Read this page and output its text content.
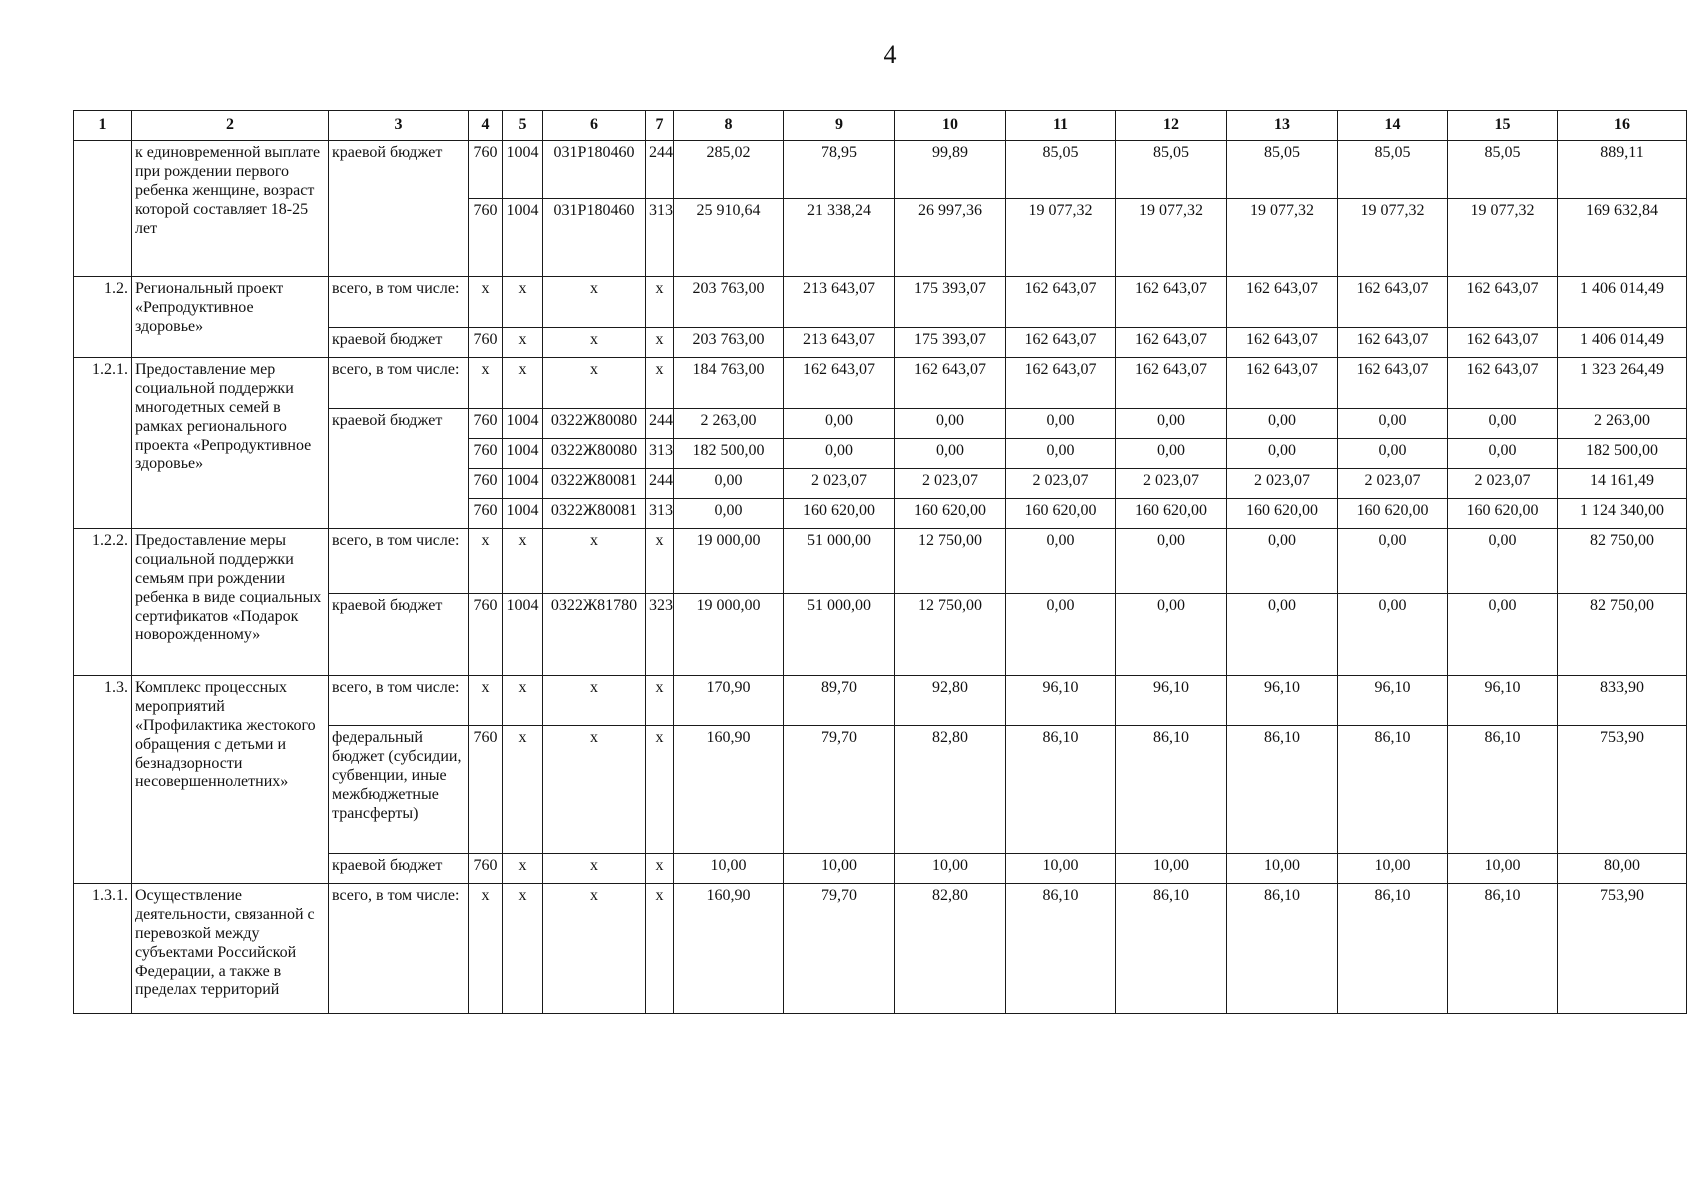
4
1	2	3	4	5	6	7	8	9	10	11	12	13	14	15	16
	к единовременной выплате при рождении первого ребенка женщине, возраст которой составляет 18-25 лет	краевой бюджет	760	1004	031Р180460	244	285,02	78,95	99,89	85,05	85,05	85,05	85,05	85,05	889,11
			760	1004	031Р180460	313	25 910,64	21 338,24	26 997,36	19 077,32	19 077,32	19 077,32	19 077,32	19 077,32	169 632,84
1.2.	Региональный проект «Репродуктивное здоровье»	всего, в том числе:	х	х	х	х	203 763,00	213 643,07	175 393,07	162 643,07	162 643,07	162 643,07	162 643,07	162 643,07	1 406 014,49
		краевой бюджет	760	х	х	х	203 763,00	213 643,07	175 393,07	162 643,07	162 643,07	162 643,07	162 643,07	162 643,07	1 406 014,49
1.2.1.	Предоставление мер социальной поддержки многодетных семей в рамках регионального проекта «Репродуктивное здоровье»	всего, в том числе:	х	х	х	х	184 763,00	162 643,07	162 643,07	162 643,07	162 643,07	162 643,07	162 643,07	162 643,07	1 323 264,49
		краевой бюджет	760	1004	0322Ж80080	244	2 263,00	0,00	0,00	0,00	0,00	0,00	0,00	0,00	2 263,00
			760	1004	0322Ж80080	313	182 500,00	0,00	0,00	0,00	0,00	0,00	0,00	0,00	182 500,00
			760	1004	0322Ж80081	244	0,00	2 023,07	2 023,07	2 023,07	2 023,07	2 023,07	2 023,07	2 023,07	14 161,49
			760	1004	0322Ж80081	313	0,00	160 620,00	160 620,00	160 620,00	160 620,00	160 620,00	160 620,00	160 620,00	1 124 340,00
1.2.2.	Предоставление меры социальной поддержки семьям при рождении ребенка в виде социальных сертификатов «Подарок новорожденному»	всего, в том числе:	х	х	х	х	19 000,00	51 000,00	12 750,00	0,00	0,00	0,00	0,00	0,00	82 750,00
		краевой бюджет	760	1004	0322Ж81780	323	19 000,00	51 000,00	12 750,00	0,00	0,00	0,00	0,00	0,00	82 750,00
1.3.	Комплекс процессных мероприятий «Профилактика жестокого обращения с детьми и безнадзорности несовершеннолетних»	всего, в том числе:	х	х	х	х	170,90	89,70	92,80	96,10	96,10	96,10	96,10	96,10	833,90
		федеральный бюджет (субсидии, субвенции, иные межбюджетные трансферты)	760	х	х	х	160,90	79,70	82,80	86,10	86,10	86,10	86,10	86,10	753,90
		краевой бюджет	760	х	х	х	10,00	10,00	10,00	10,00	10,00	10,00	10,00	10,00	80,00
1.3.1.	Осуществление деятельности, связанной с перевозкой между субъектами Российской Федерации, а также в пределах территорий	всего, в том числе:	х	х	х	х	160,90	79,70	82,80	86,10	86,10	86,10	86,10	86,10	753,90
